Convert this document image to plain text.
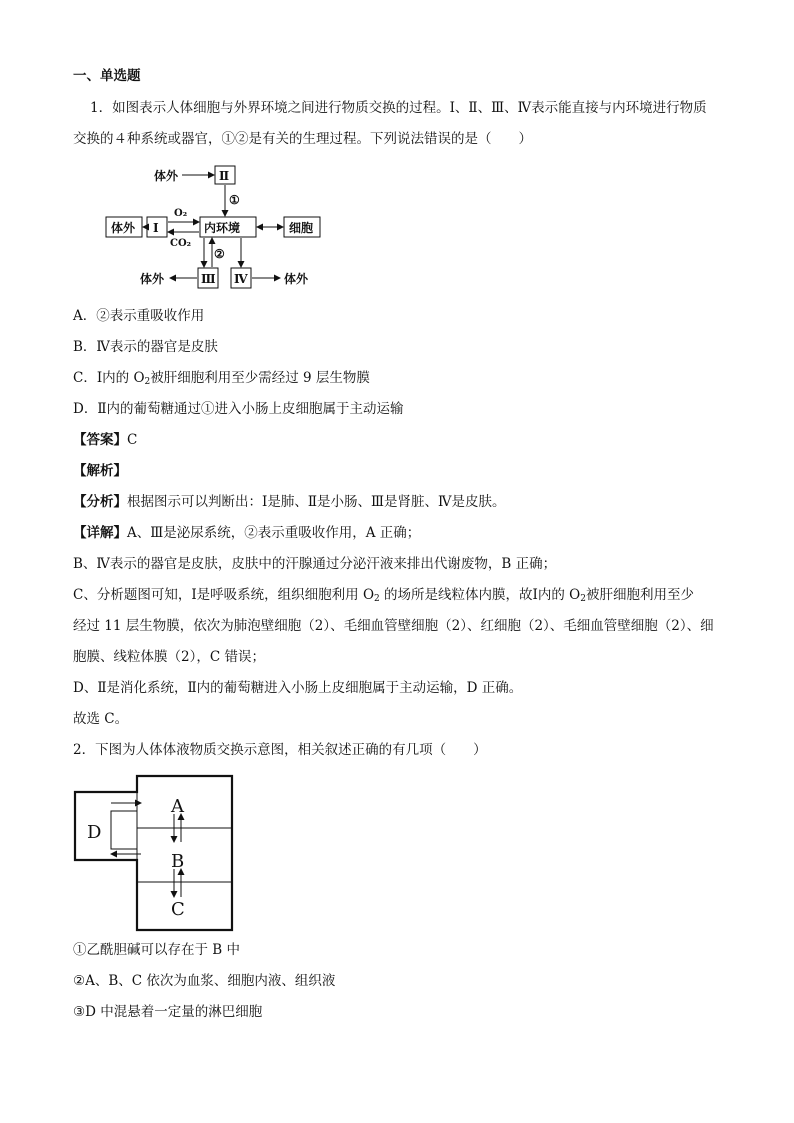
一、单选题
1．如图表示人体细胞与外界环境之间进行物质交换的过程。Ⅰ、Ⅱ、Ⅲ、Ⅳ表示能直接与内环境进行物质
交换的４种系统或器官，①②是有关的生理过程。下列说法错误的是（　　）
体外	Ⅱ
①
体外 Ⅰ
O₂
CO₂
内环境	细胞
②
体外	Ⅲ Ⅳ	体外
A．②表示重吸收作用
B．Ⅳ表示的器官是皮肤
C．Ⅰ内的 $O_2$被肝细胞利用至少需经过 9 层生物膜
D．Ⅱ内的葡萄糖通过①进入小肠上皮细胞属于主动运输
【答案】C
【解析】
【分析】根据图示可以判断出：Ⅰ是肺、Ⅱ是小肠、Ⅲ是肾脏、Ⅳ是皮肤。
【详解】A、Ⅲ是泌尿系统，②表示重吸收作用，A 正确；
B、Ⅳ表示的器官是皮肤，皮肤中的汗腺通过分泌汗液来排出代谢废物，B 正确；
C、分析题图可知，Ⅰ是呼吸系统，组织细胞利用 $O_2$ 的场所是线粒体内膜，故Ⅰ内的 $O_2$被肝细胞利用至少
经过 11 层生物膜，依次为肺泡壁细胞（2）、毛细血管壁细胞（2）、红细胞（2）、毛细血管壁细胞（2）、细
胞膜、线粒体膜（2），C 错误；
D、Ⅱ是消化系统，Ⅱ内的葡萄糖进入小肠上皮细胞属于主动运输，D 正确。
故选 C。
2．下图为人体体液物质交换示意图，相关叙述正确的有几项（　　）
A
D
B
C
①乙酰胆碱可以存在于 B 中
②A、B、C 依次为血浆、细胞内液、组织液
③D 中混悬着一定量的淋巴细胞
